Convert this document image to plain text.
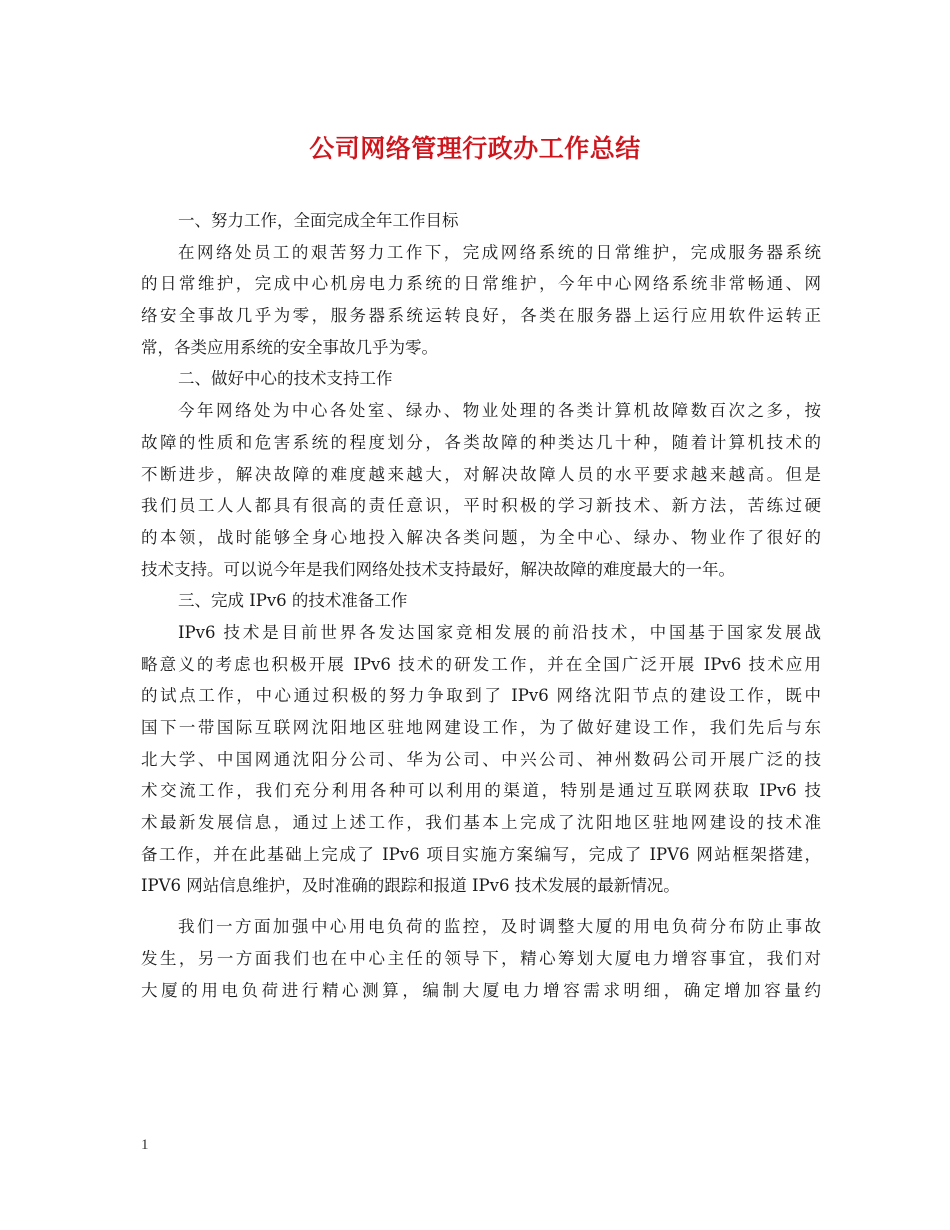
公司网络管理行政办工作总结
一、努力工作，全面完成全年工作目标
在网络处员工的艰苦努力工作下，完成网络系统的日常维护，完成服务器系统
的日常维护，完成中心机房电力系统的日常维护，今年中心网络系统非常畅通、网
络安全事故几乎为零，服务器系统运转良好，各类在服务器上运行应用软件运转正
常，各类应用系统的安全事故几乎为零。
二、做好中心的技术支持工作
今年网络处为中心各处室、绿办、物业处理的各类计算机故障数百次之多，按
故障的性质和危害系统的程度划分，各类故障的种类达几十种，随着计算机技术的
不断进步，解决故障的难度越来越大，对解决故障人员的水平要求越来越高。但是
我们员工人人都具有很高的责任意识，平时积极的学习新技术、新方法，苦练过硬
的本领，战时能够全身心地投入解决各类问题，为全中心、绿办、物业作了很好的
技术支持。可以说今年是我们网络处技术支持最好，解决故障的难度最大的一年。
三、完成 IPv6 的技术准备工作
IPv6 技术是目前世界各发达国家竞相发展的前沿技术，中国基于国家发展战
略意义的考虑也积极开展 IPv6 技术的研发工作，并在全国广泛开展 IPv6 技术应用
的试点工作，中心通过积极的努力争取到了 IPv6 网络沈阳节点的建设工作，既中
国下一带国际互联网沈阳地区驻地网建设工作，为了做好建设工作，我们先后与东
北大学、中国网通沈阳分公司、华为公司、中兴公司、神州数码公司开展广泛的技
术交流工作，我们充分利用各种可以利用的渠道，特别是通过互联网获取 IPv6 技
术最新发展信息，通过上述工作，我们基本上完成了沈阳地区驻地网建设的技术准
备工作，并在此基础上完成了 IPv6 项目实施方案编写，完成了 IPV6 网站框架搭建，
IPV6 网站信息维护，及时准确的跟踪和报道 IPv6 技术发展的最新情况。
我们一方面加强中心用电负荷的监控，及时调整大厦的用电负荷分布防止事故
发生，另一方面我们也在中心主任的领导下，精心筹划大厦电力增容事宜，我们对
大厦的用电负荷进行精心测算，编制大厦电力增容需求明细，确定增加容量约
1
